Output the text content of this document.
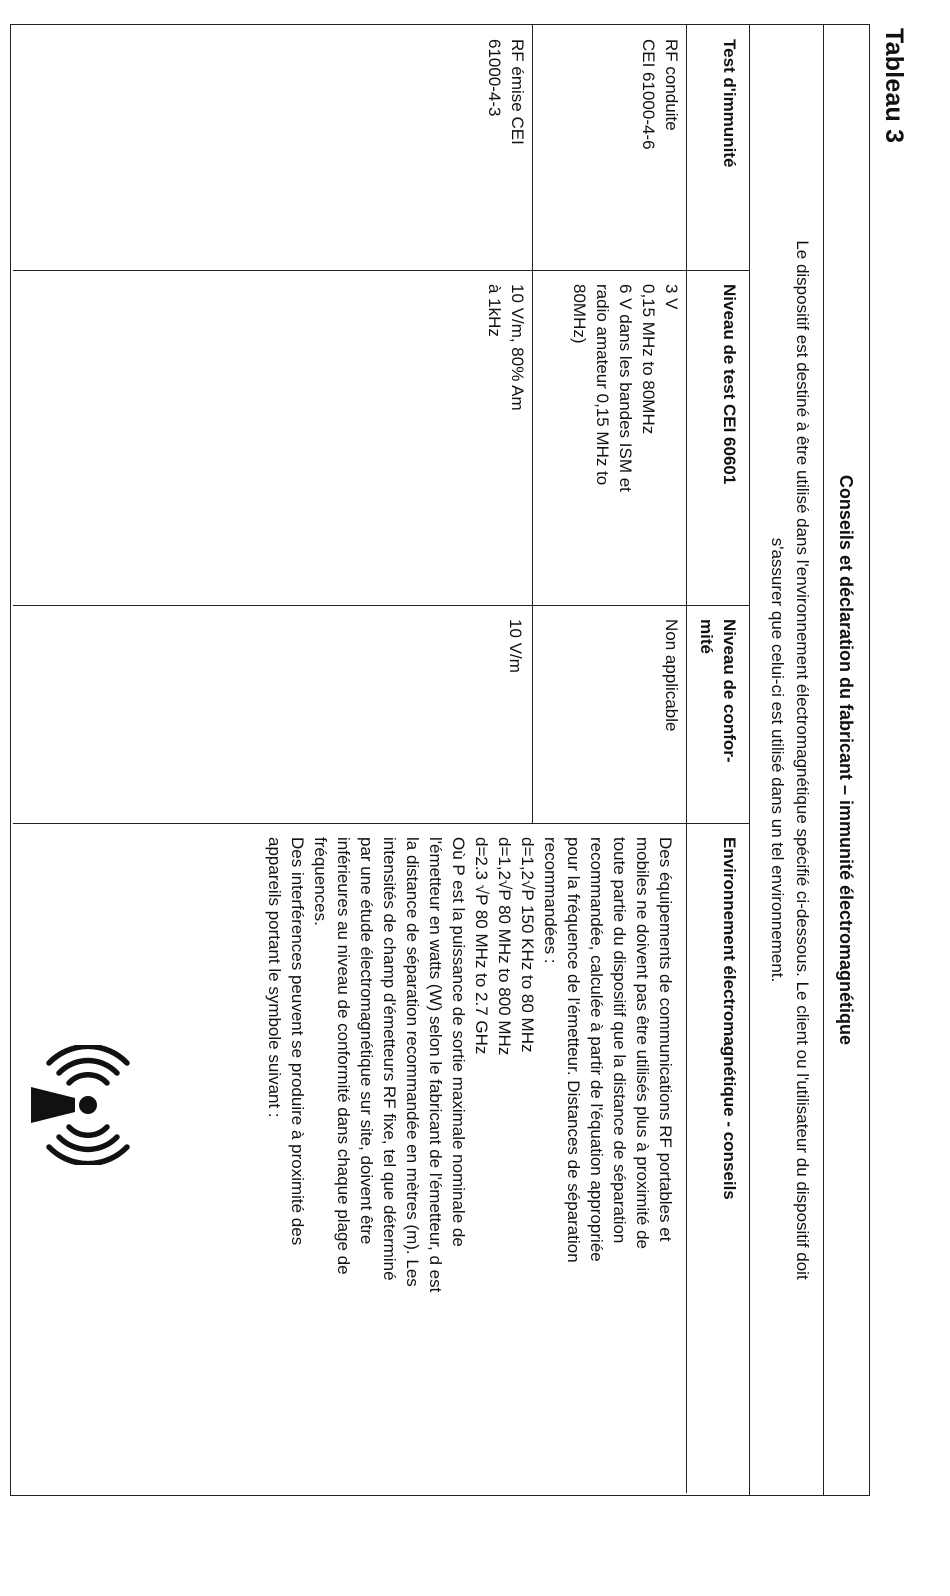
Tableau 3
Conseils et déclaration du fabricant – immunité électromagnétique
Le dispositif est destiné à être utilisé dans l'environnement électromagnétique spécifié ci-dessous. Le client ou l'utilisateur du dispositif doit
s'assurer que celui-ci est utilisé dans un tel environnement.
Test d'immunité
Niveau de test CEI 60601
Niveau de confor-
mité
Environnement électromagnétique - conseils
RF conduite
CEI 61000-4-6
3 V
0,15 MHz to 80MHz
6 V dans les bandes ISM et
radio amateur 0,15 MHz to
80MHz)
Non applicable
RF émise CEI
61000-4-3
10 V/m, 80% Am
à 1kHz
10 V/m
Des équipements de communications RF portables et
mobiles ne doivent pas être utilisés plus à proximité de
toute partie du dispositif que la distance de séparation
recommandée, calculée à partir de l'équation appropriée
pour la fréquence de l'émetteur. Distances de séparation
recommandées :
d=1,2√P 150 KHz to 80 MHz
d=1,2√P 80 MHz to 800 MHz
d=2.3 √P 80 MHz to 2.7 GHz
Où P est la puissance de sortie maximale nominale de
l'émetteur en watts (W) selon le fabricant de l'émetteur, d est
la distance de séparation recommandée en mètres (m). Les
intensités de champ d'émetteurs RF fixe, tel que déterminé
par une étude électromagnétique sur site, doivent être
inférieures au niveau de conformité dans chaque plage de
fréquences.
Des interférences peuvent se produire à proximité des
appareils portant le symbole suivant :
